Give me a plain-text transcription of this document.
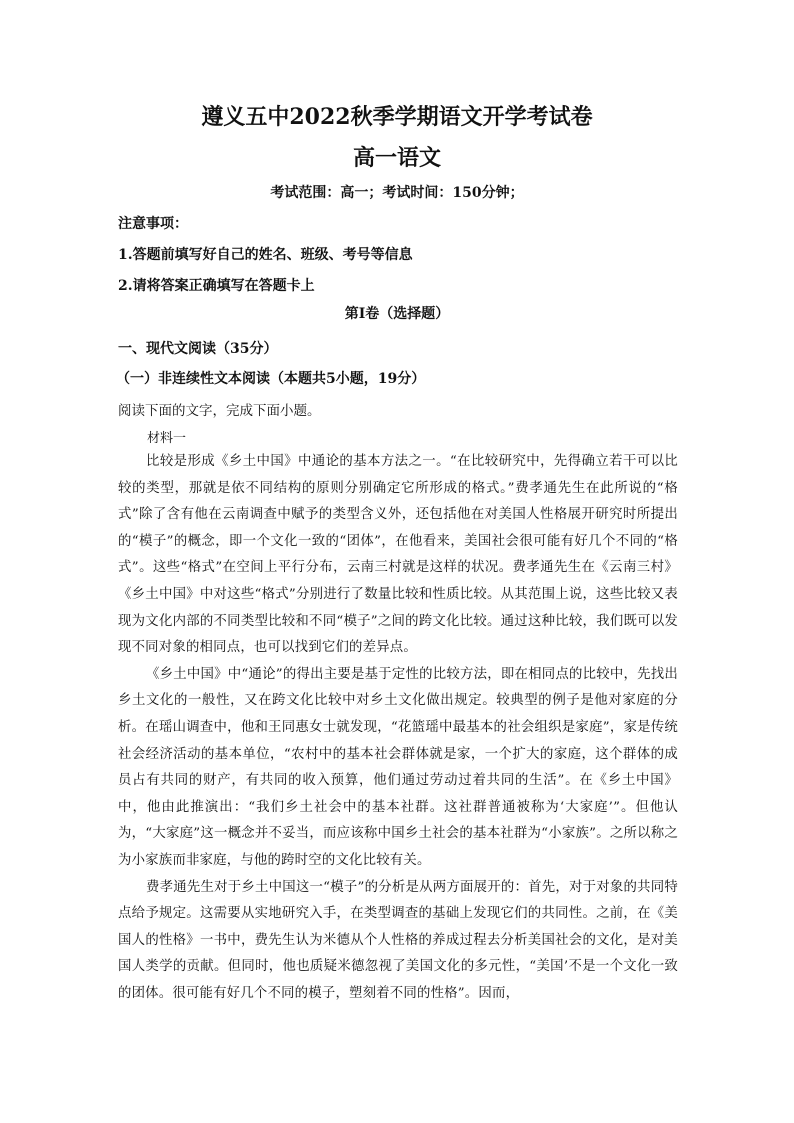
遵义五中2022秋季学期语文开学考试卷
高一语文
考试范围：高一；考试时间：150分钟；
注意事项：
1.答题前填写好自己的姓名、班级、考号等信息
2.请将答案正确填写在答题卡上
第Ⅰ卷（选择题）
一、现代文阅读（35分）
（一）非连续性文本阅读（本题共5小题，19分）
阅读下面的文字，完成下面小题。
材料一

比较是形成《乡土中国》中通论的基本方法之一。“在比较研究中，先得确立若干可以比较的类型，那就是依不同结构的原则分别确定它所形成的格式。”费孝通先生在此所说的“格式”除了含有他在云南调查中赋予的类型含义外，还包括他在对美国人性格展开研究时所提出的“模子”的概念，即一个文化一致的“团体”，在他看来，美国社会很可能有好几个不同的“格式”。这些“格式”在空间上平行分布，云南三村就是这样的状况。费孝通先生在《云南三村》《乡土中国》中对这些“格式”分别进行了数量比较和性质比较。从其范围上说，这些比较又表现为文化内部的不同类型比较和不同“模子”之间的跨文化比较。通过这种比较，我们既可以发现不同对象的相同点，也可以找到它们的差异点。

《乡土中国》中“通论”的得出主要是基于定性的比较方法，即在相同点的比较中，先找出乡土文化的一般性，又在跨文化比较中对乡土文化做出规定。较典型的例子是他对家庭的分析。在瑶山调查中，他和王同惠女士就发现，“花篮瑶中最基本的社会组织是家庭”，家是传统社会经济活动的基本单位，“农村中的基本社会群体就是家，一个扩大的家庭，这个群体的成员占有共同的财产，有共同的收入预算，他们通过劳动过着共同的生活”。在《乡土中国》中，他由此推演出：“我们乡土社会中的基本社群。这社群普通被称为‘大家庭’”。但他认为，“大家庭”这一概念并不妥当，而应该称中国乡土社会的基本社群为“小家族”。之所以称之为小家族而非家庭，与他的跨时空的文化比较有关。

费孝通先生对于乡土中国这一“模子”的分析是从两方面展开的：首先，对于对象的共同特点给予规定。这需要从实地研究入手，在类型调查的基础上发现它们的共同性。之前，在《美国人的性格》一书中，费先生认为米德从个人性格的养成过程去分析美国社会的文化，是对美国人类学的贡献。但同时，他也质疑米德忽视了美国文化的多元性，“美国’不是一个文化一致的团体。很可能有好几个不同的模子，塑刻着不同的性格”。因而，
